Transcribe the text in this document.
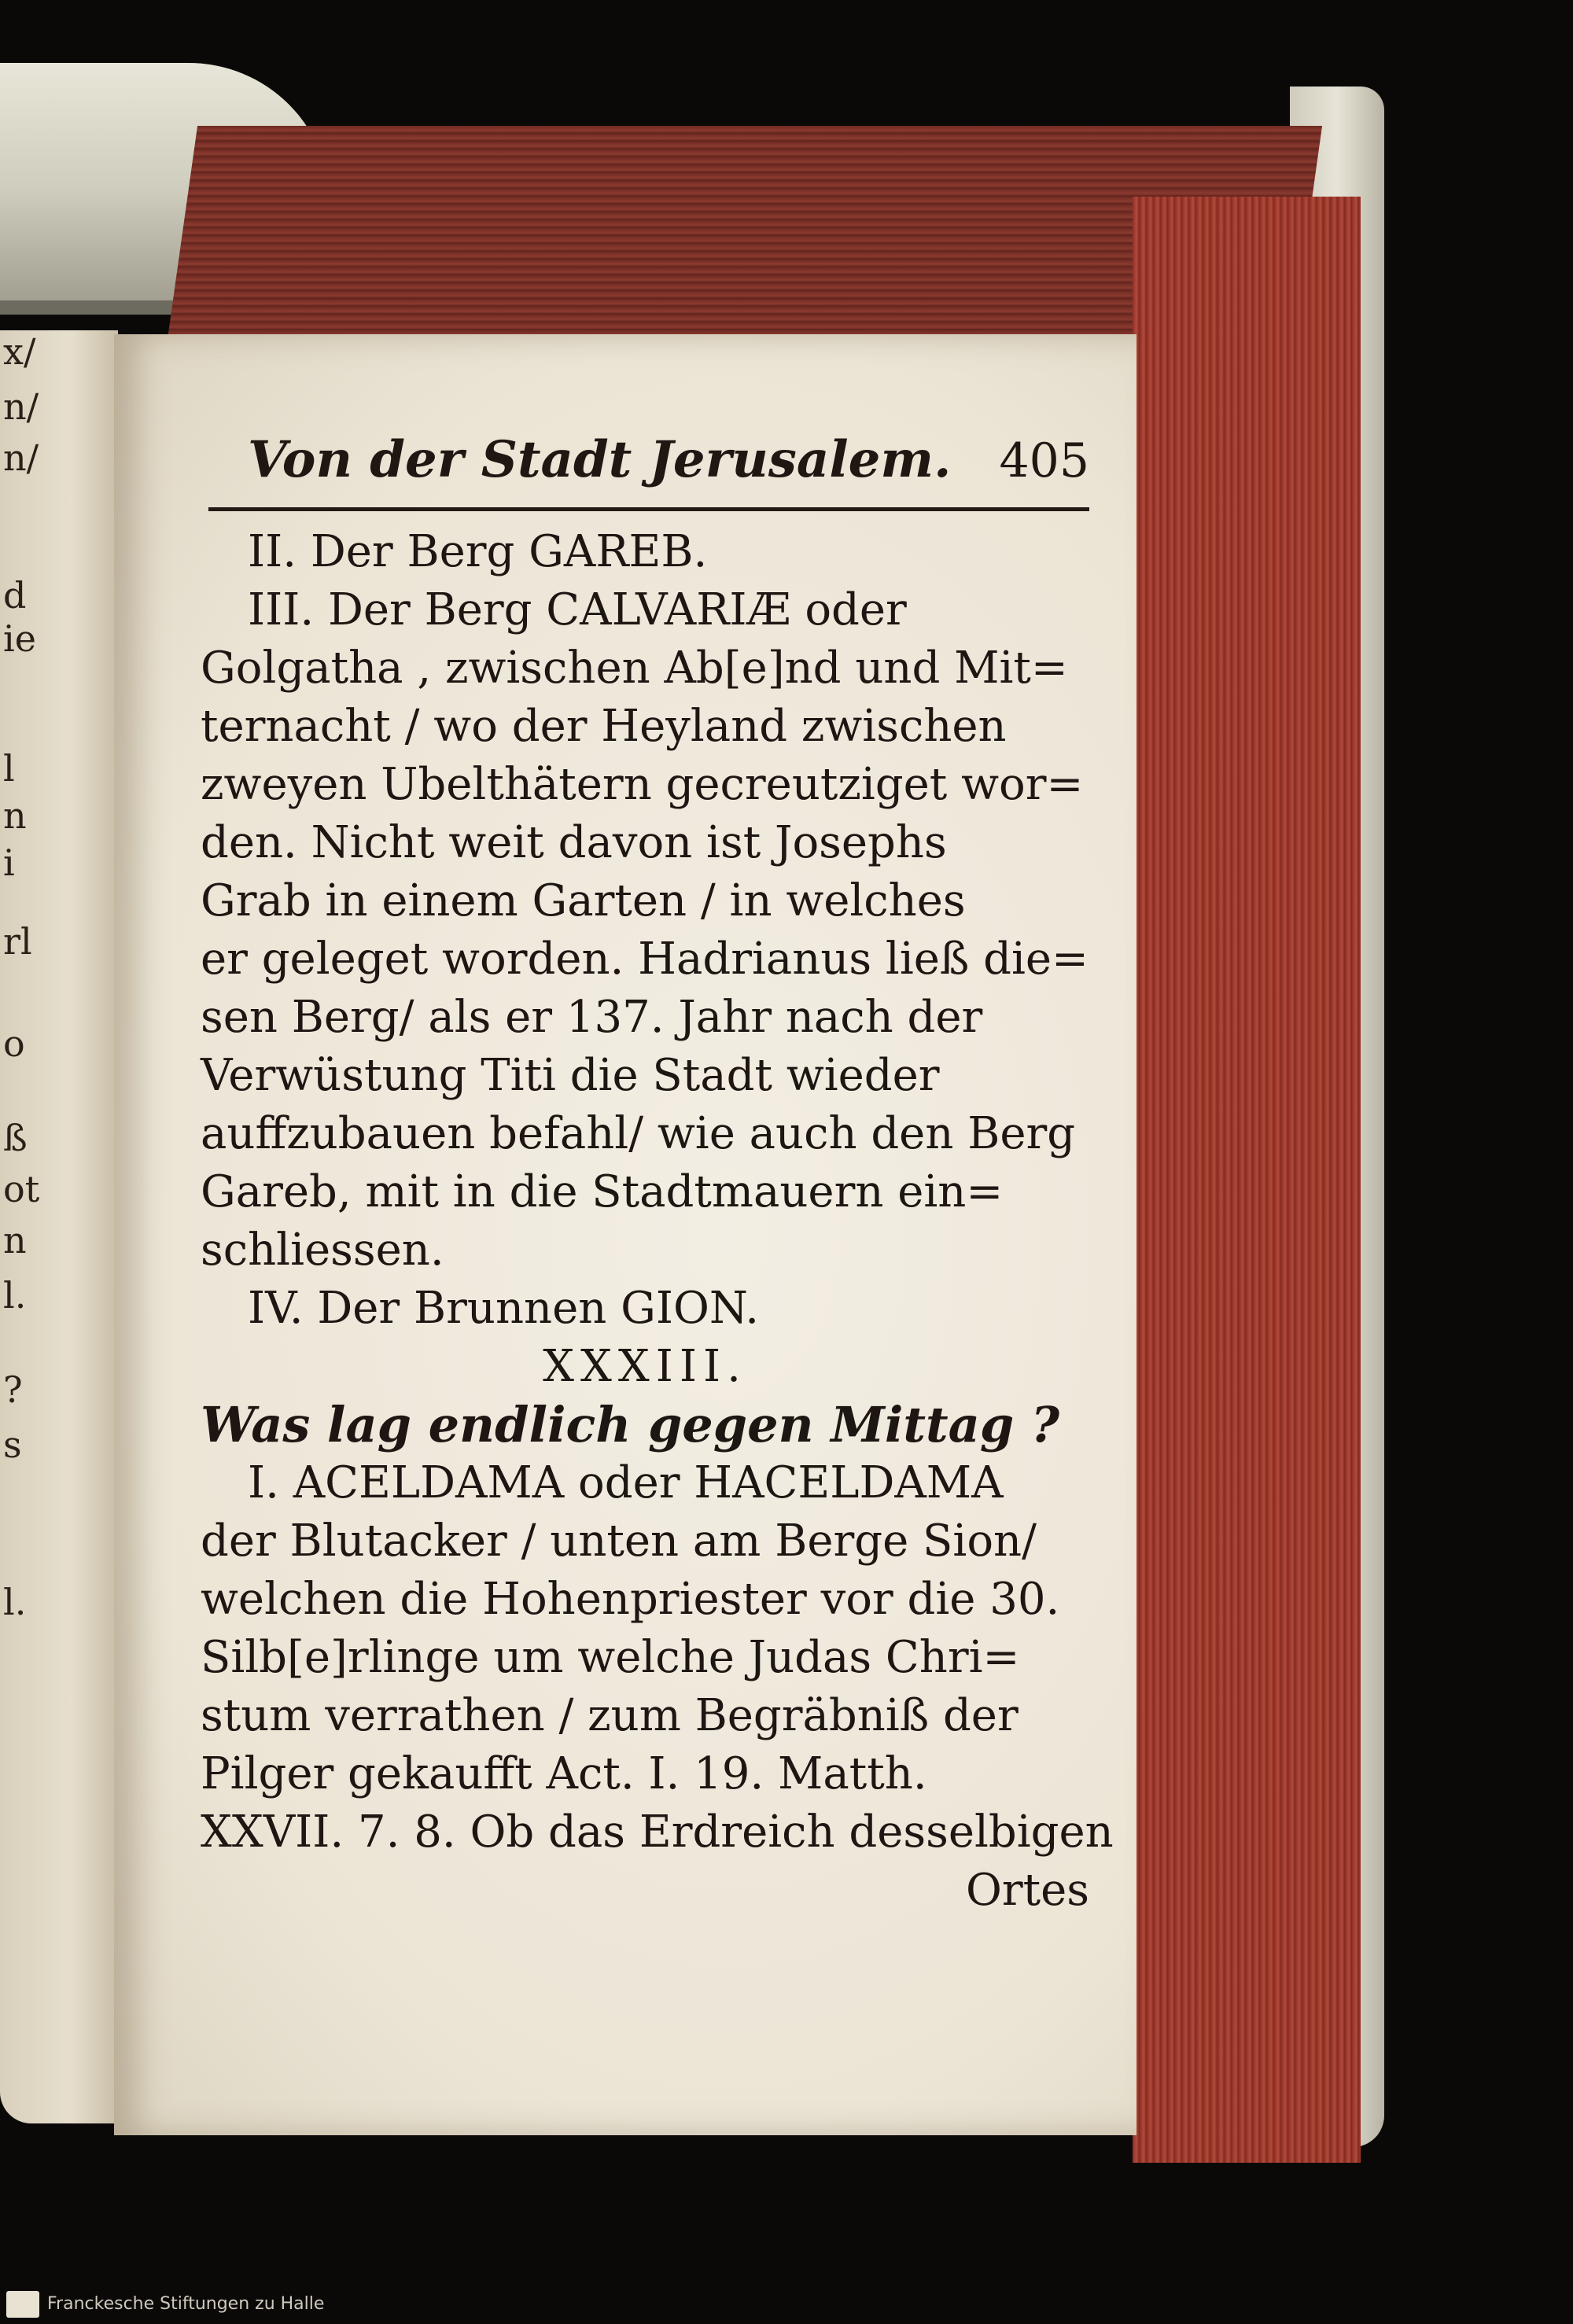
x/
n/
n/
d
ie
l
n
i
rl
o
ß
ot
n
l.
?
s
l.
Von der Stadt Jerusalem. 405

II. Der Berg GAREB.

III. Der Berg CALVARIÆ oder

Golgatha , zwischen Ab[e]nd und Mit=

ternacht / wo der Heyland zwischen

zweyen Ubelthätern gecreutziget wor=

den. Nicht weit davon ist Josephs

Grab in einem Garten / in welches

er geleget worden. Hadrianus ließ die=

sen Berg/ als er 137. Jahr nach der

Verwüstung Titi die Stadt wieder

auffzubauen befahl/ wie auch den Berg

Gareb, mit in die Stadtmauern ein=

schliessen.

IV. Der Brunnen GION.

XXXIII.

Was lag endlich gegen Mittag ?

I. ACELDAMA oder HACELDAMA

der Blutacker / unten am Berge Sion/

welchen die Hohenpriester vor die 30.

Silb[e]rlinge um welche Judas Chri=

stum verrathen / zum Begräbniß der

Pilger gekaufft Act. I. 19. Matth.

XXVII. 7. 8. Ob das Erdreich desselbigen

Ortes

Franckesche Stiftungen zu Halle
